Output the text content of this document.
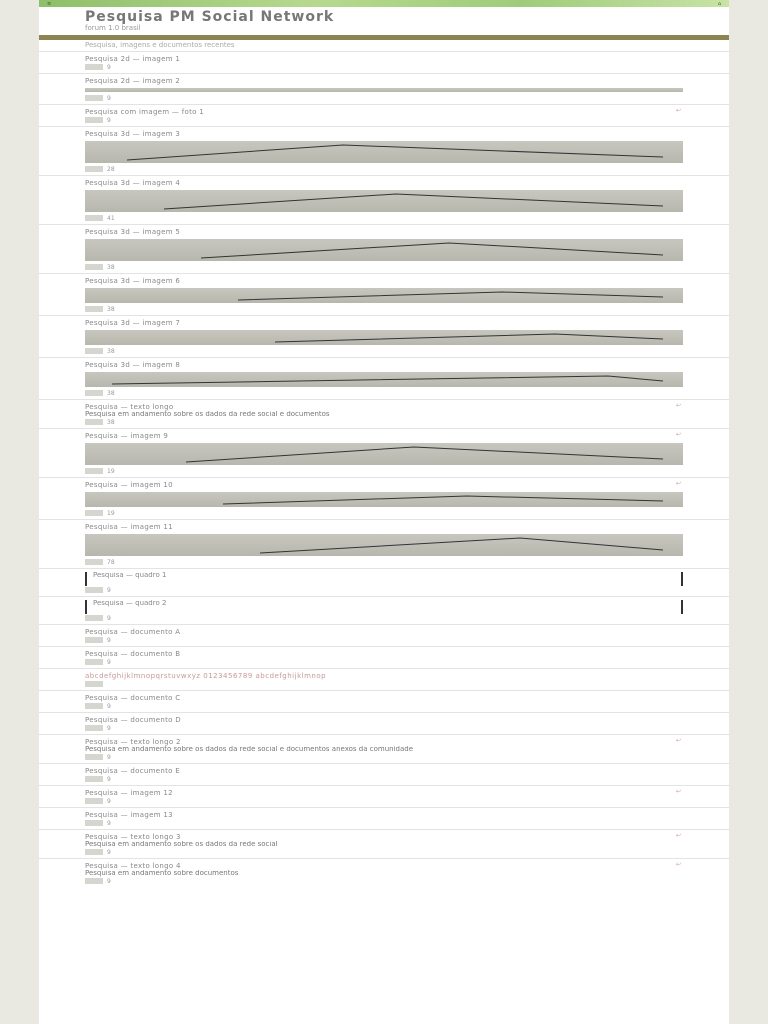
≡	⌂
Pesquisa PM Social Network
forum 1.0 brasil
Pesquisa, imagens e documentos recentes
Pesquisa 2d — imagem 1
9
Pesquisa 2d — imagem 2
9
Pesquisa com imagem — foto 1
9
↩
Pesquisa 3d — imagem 3
28
Pesquisa 3d — imagem 4
41
Pesquisa 3d — imagem 5
38
Pesquisa 3d — imagem 6
38
Pesquisa 3d — imagem 7
38
Pesquisa 3d — imagem 8
38
Pesquisa — texto longo
Pesquisa em andamento sobre os dados da rede social e documentos
38
↩
Pesquisa — imagem 9
19
↩
Pesquisa — imagem 10
19
↩
Pesquisa — imagem 11
78
Pesquisa — quadro 1
9
Pesquisa — quadro 2
9
Pesquisa — documento A
9
Pesquisa — documento B
9
abcdefghijklmnopqrstuvwxyz 0123456789 abcdefghijklmnop
Pesquisa — documento C
9
Pesquisa — documento D
9
Pesquisa — texto longo 2
Pesquisa em andamento sobre os dados da rede social e documentos anexos da comunidade
9
↩
Pesquisa — documento E
9
Pesquisa — imagem 12
9
↩
Pesquisa — imagem 13
9
Pesquisa — texto longo 3
Pesquisa em andamento sobre os dados da rede social
9
↩
Pesquisa — texto longo 4
Pesquisa em andamento sobre documentos
9
↩
